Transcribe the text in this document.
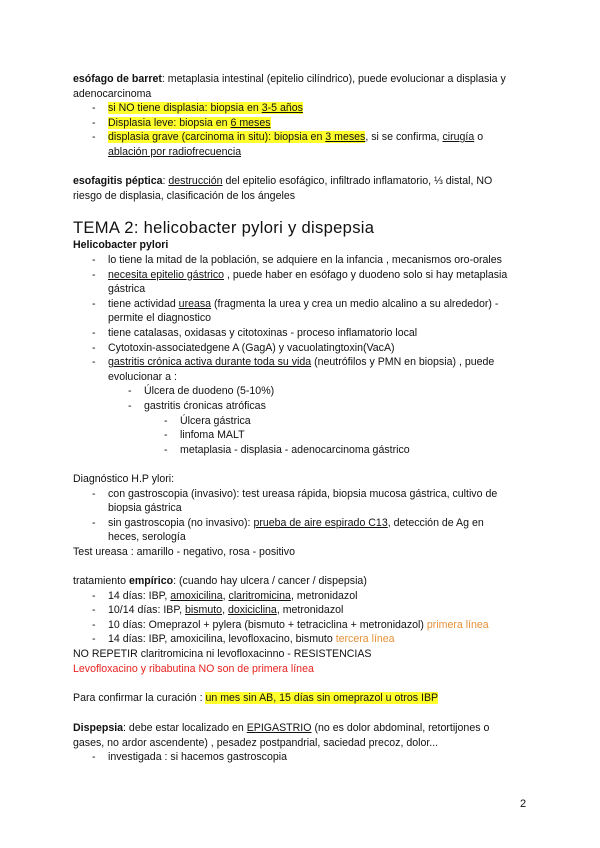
esófago de barret: metaplasia intestinal (epitelio cilíndrico), puede evolucionar a displasia y
adenocarcinoma
- si NO tiene displasia: biopsia en 3-5 años
- Displasia leve: biopsia en 6 meses
- displasia grave (carcinoma in situ): biopsia en 3 meses, si se confirma, cirugía o
ablación por radiofrecuencia
esofagitis péptica: destrucción del epitelio esofágico, infiltrado inflamatorio, ⅓ distal, NO
riesgo de displasia, clasificación de los ángeles
TEMA 2: helicobacter pylori y dispepsia
Helicobacter pylori
- lo tiene la mitad de la población, se adquiere en la infancia , mecanismos oro-orales
- necesita epitelio gástrico , puede haber en esófago y duodeno solo si hay metaplasia
gástrica
- tiene actividad ureasa (fragmenta la urea y crea un medio alcalino a su alrededor) -
permite el diagnostico
- tiene catalasas, oxidasas y citotoxinas - proceso inflamatorio local
- Cytotoxin-associatedgene A (GagA) y vacuolatingtoxin(VacA)
- gastritis crónica activa durante toda su vida (neutrófilos y PMN en biopsia) , puede
evolucionar a :
- Úlcera de duodeno (5-10%)
- gastritis ćronicas atróficas
- Úlcera gástrica
- linfoma MALT
- metaplasia - displasia - adenocarcinoma gástrico
Diagnóstico H.P ylori:
- con gastroscopia (invasivo): test ureasa rápida, biopsia mucosa gástrica, cultivo de
biopsia gástrica
- sin gastroscopia (no invasivo): prueba de aire espirado C13, detección de Ag en
heces, serología
Test ureasa : amarillo - negativo, rosa - positivo
tratamiento empírico: (cuando hay ulcera / cancer / dispepsia)
- 14 días: IBP, amoxicilina, claritromicina, metronidazol
- 10/14 días: IBP, bismuto, doxiciclina, metronidazol
- 10 días: Omeprazol + pylera (bismuto + tetraciclina + metronidazol) primera línea
- 14 días: IBP, amoxicilina, levofloxacino, bismuto tercera línea
NO REPETIR claritromicina ni levofloxacinno - RESISTENCIAS
Levofloxacino y ribabutina NO son de primera línea
Para confirmar la curación : un mes sin AB, 15 días sin omeprazol u otros IBP
Dispepsia: debe estar localizado en EPIGASTRIO (no es dolor abdominal, retortijones o
gases, no ardor ascendente) , pesadez postpandrial, saciedad precoz, dolor...
- investigada : si hacemos gastroscopia
2
